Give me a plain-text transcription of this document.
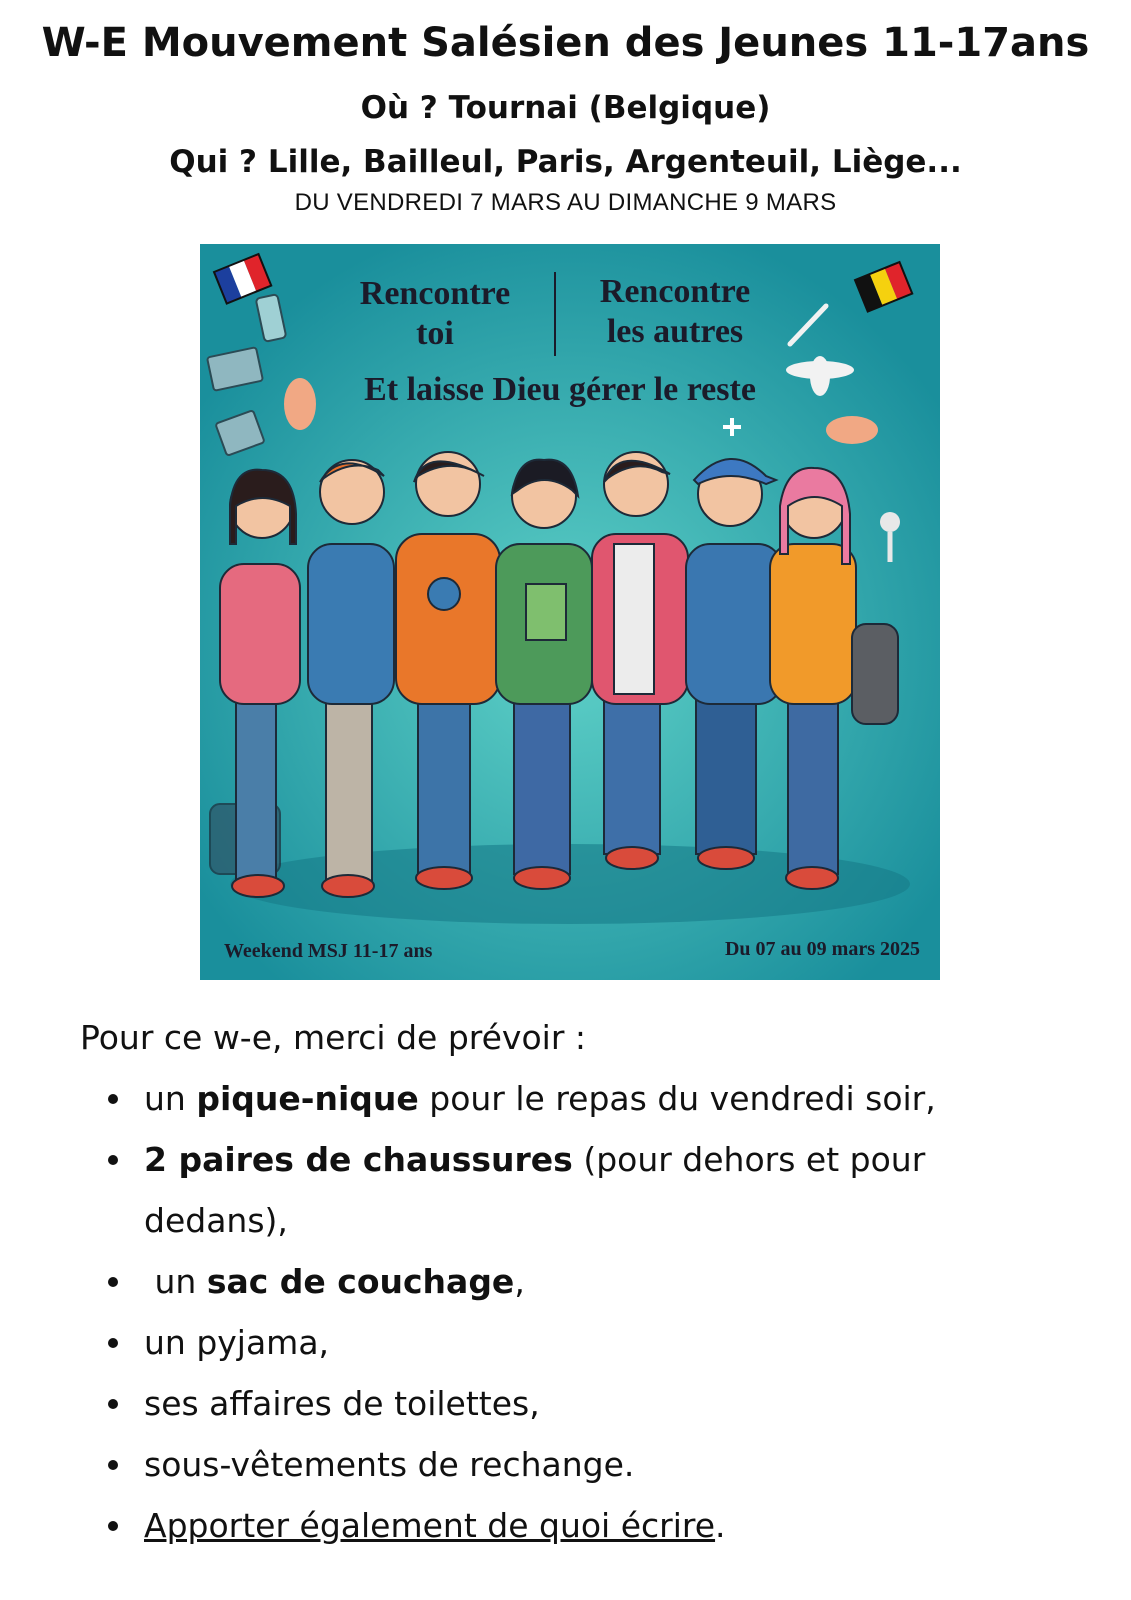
W-E Mouvement Salésien des Jeunes 11-17ans
Où ? Tournai (Belgique)
Qui ? Lille, Bailleul, Paris, Argenteuil, Liège...
DU VENDREDI 7 MARS AU DIMANCHE 9 MARS
Rencontre
toi
Rencontre
les autres
Et laisse Dieu gérer le reste
Weekend MSJ 11-17 ans	Du 07 au 09 mars 2025
Pour ce w-e, merci de prévoir :
un pique-nique pour le repas du vendredi soir,
2 paires de chaussures (pour dehors et pour dedans),
un sac de couchage,
un pyjama,
ses affaires de toilettes,
sous-vêtements de rechange.
Apporter également de quoi écrire.
